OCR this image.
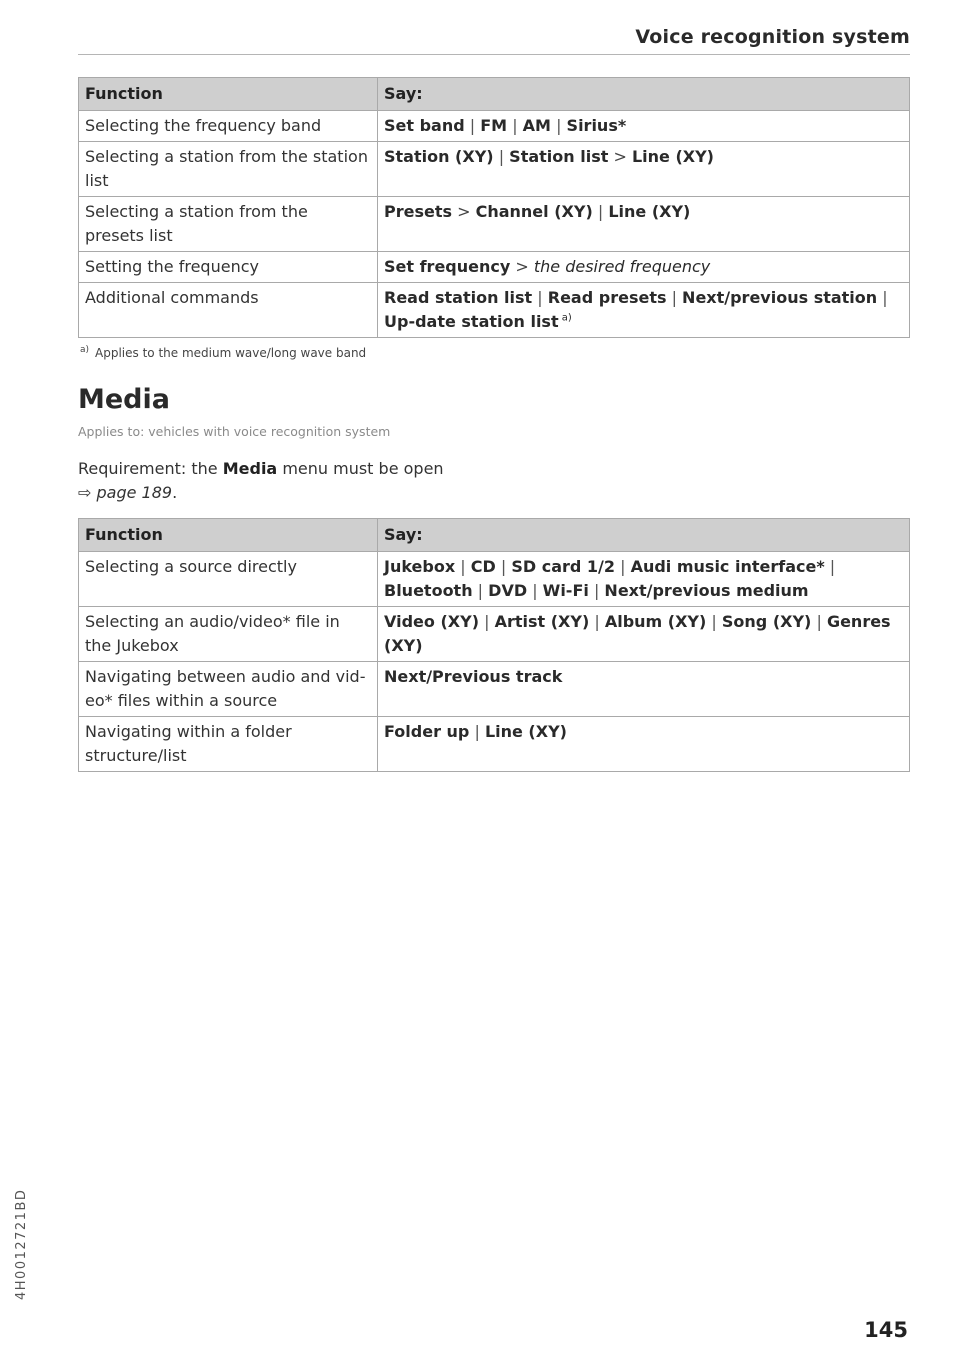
Voice recognition system
Function	Say:
Selecting the frequency band	Set band | FM | AM | Sirius*
Selecting a station from the station list	Station (XY) | Station list > Line (XY)
Selecting a station from the presets list	Presets > Channel (XY) | Line (XY)
Setting the frequency	Set frequency > the desired frequency
Additional commands	Read station list | Read presets | Next/previous station | Up-date station list $^{a)}$
$^{a)}$ Applies to the medium wave/long wave band
Media
Applies to: vehicles with voice recognition system
Requirement: the Media menu must be open
⇨ page 189.
Function	Say:
Selecting a source directly	Jukebox | CD | SD card 1/2 | Audi music interface* | Bluetooth | DVD | Wi-Fi | Next/previous medium
Selecting an audio/video* file in the Jukebox	Video (XY) | Artist (XY) | Album (XY) | Song (XY) | Genres (XY)
Navigating between audio and vid-eo* files within a source	Next/Previous track
Navigating within a folder structure/list	Folder up | Line (XY)
4H0012721BD
145
